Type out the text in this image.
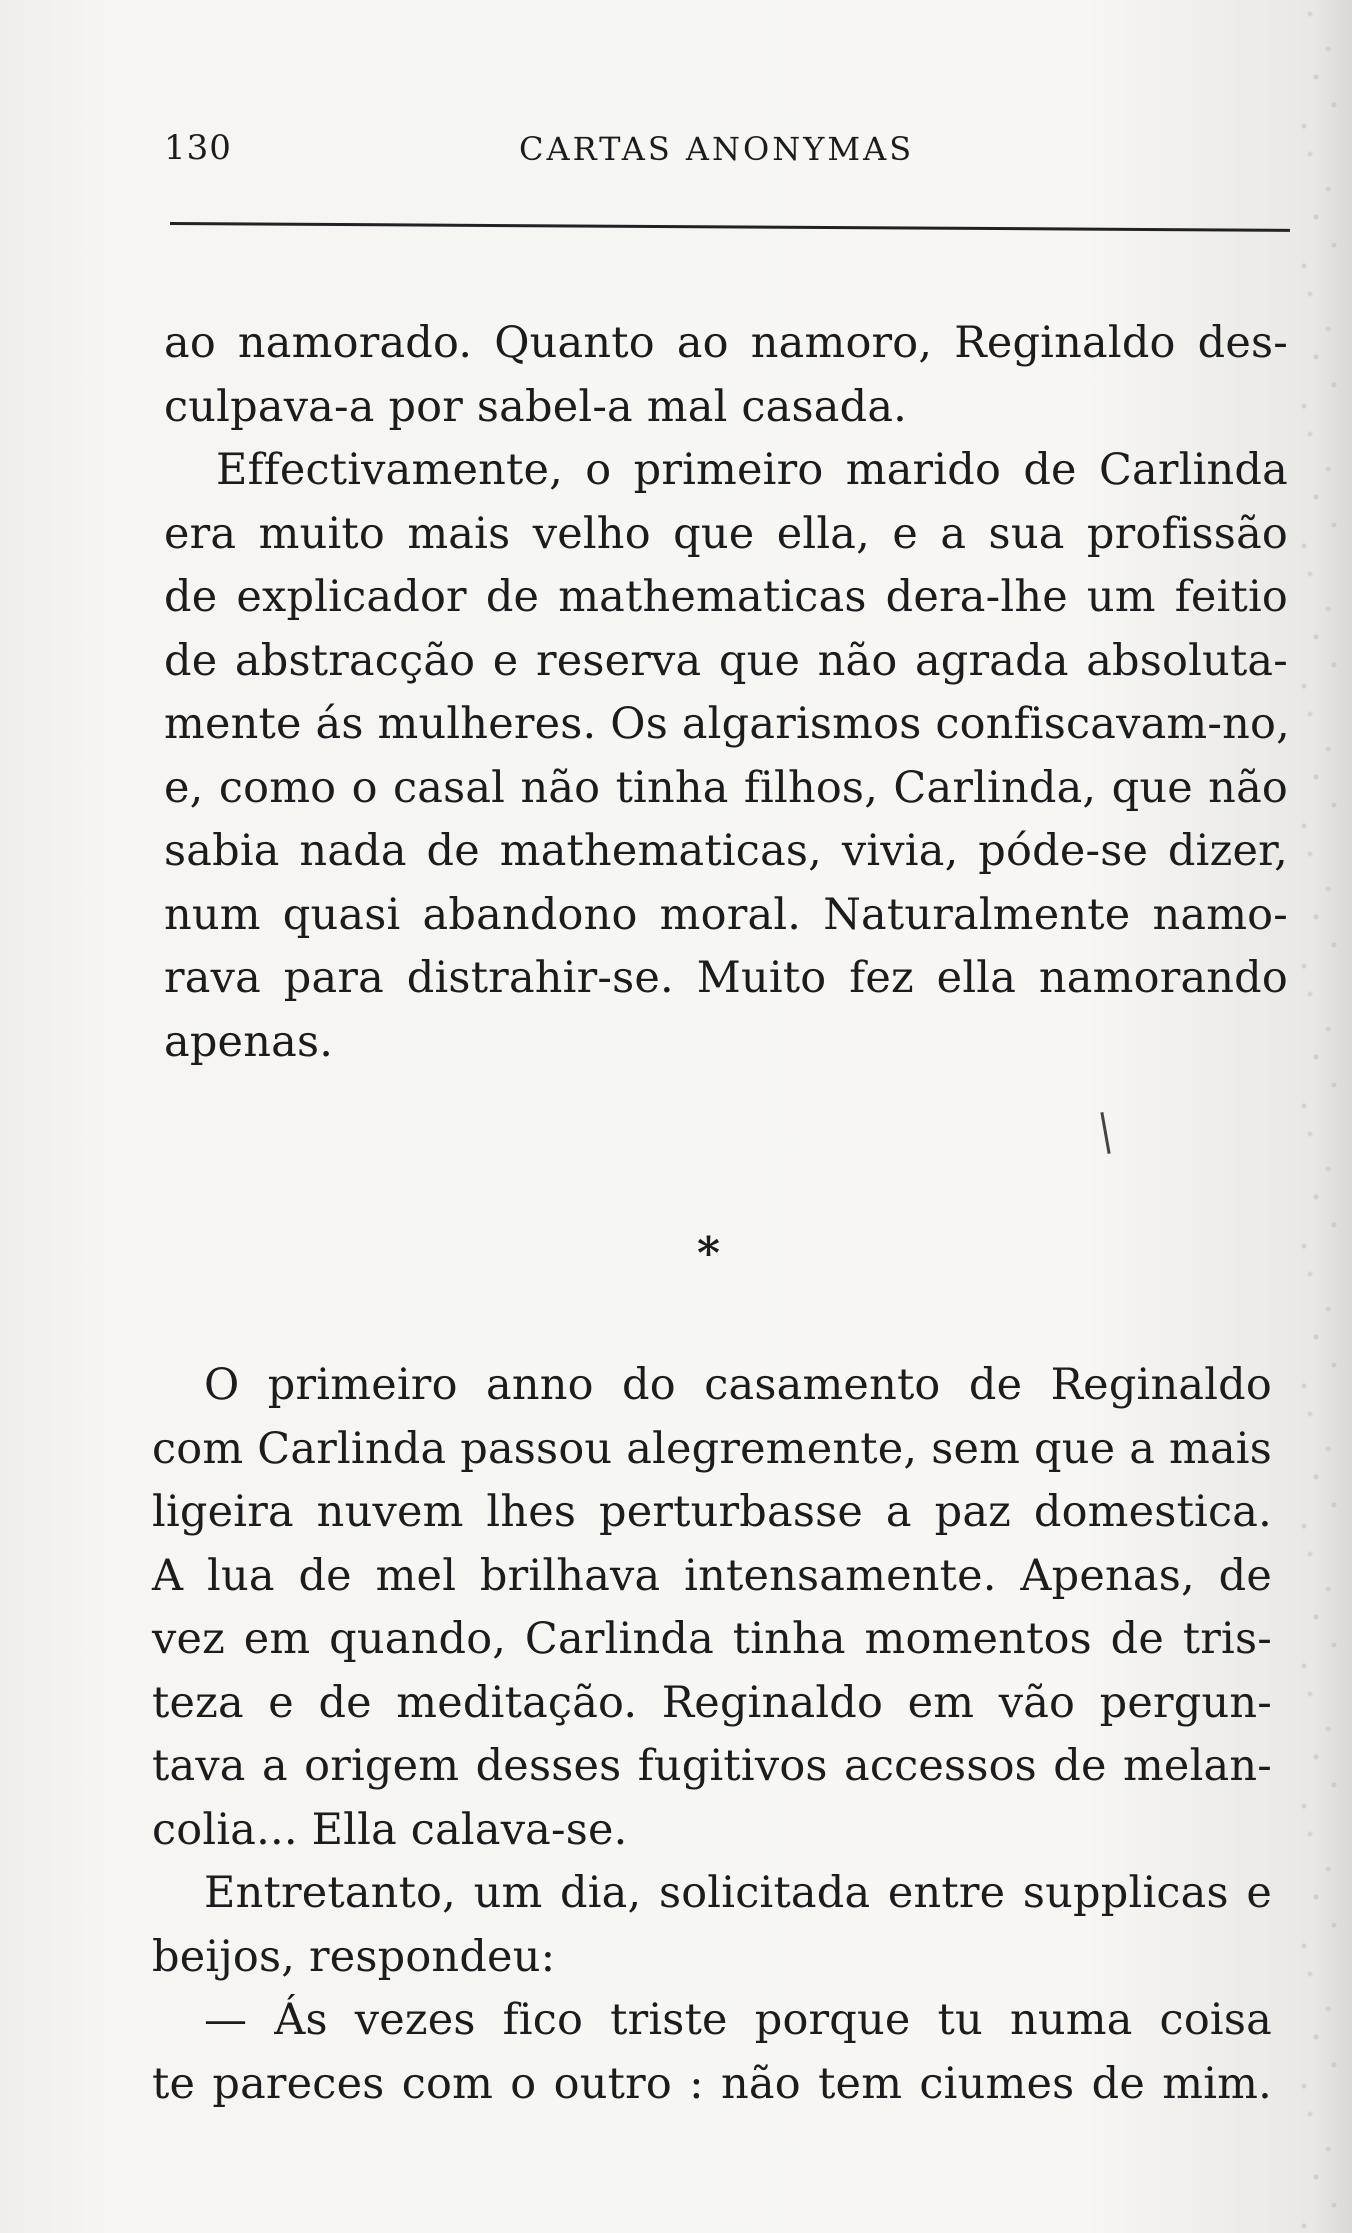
130	CARTAS ANONYMAS
ao namorado. Quanto ao namoro, Reginaldo des-
culpava-a por sabel-a mal casada.
Effectivamente, o primeiro marido de Carlinda
era muito mais velho que ella, e a sua profissão
de explicador de mathematicas dera-lhe um feitio
de abstracção e reserva que não agrada absoluta-
mente ás mulheres. Os algarismos confiscavam-no,
e, como o casal não tinha filhos, Carlinda, que não
sabia nada de mathematicas, vivia, póde-se dizer,
num quasi abandono moral. Naturalmente namo-
rava para distrahir-se. Muito fez ella namorando
apenas.
*
O primeiro anno do casamento de Reginaldo
com Carlinda passou alegremente, sem que a mais
ligeira nuvem lhes perturbasse a paz domestica.
A lua de mel brilhava intensamente. Apenas, de
vez em quando, Carlinda tinha momentos de tris-
teza e de meditação. Reginaldo em vão pergun-
tava a origem desses fugitivos accessos de melan-
colia... Ella calava-se.
Entretanto, um dia, solicitada entre supplicas e
beijos, respondeu:
— Ás vezes fico triste porque tu numa coisa
te pareces com o outro : não tem ciumes de mim.
